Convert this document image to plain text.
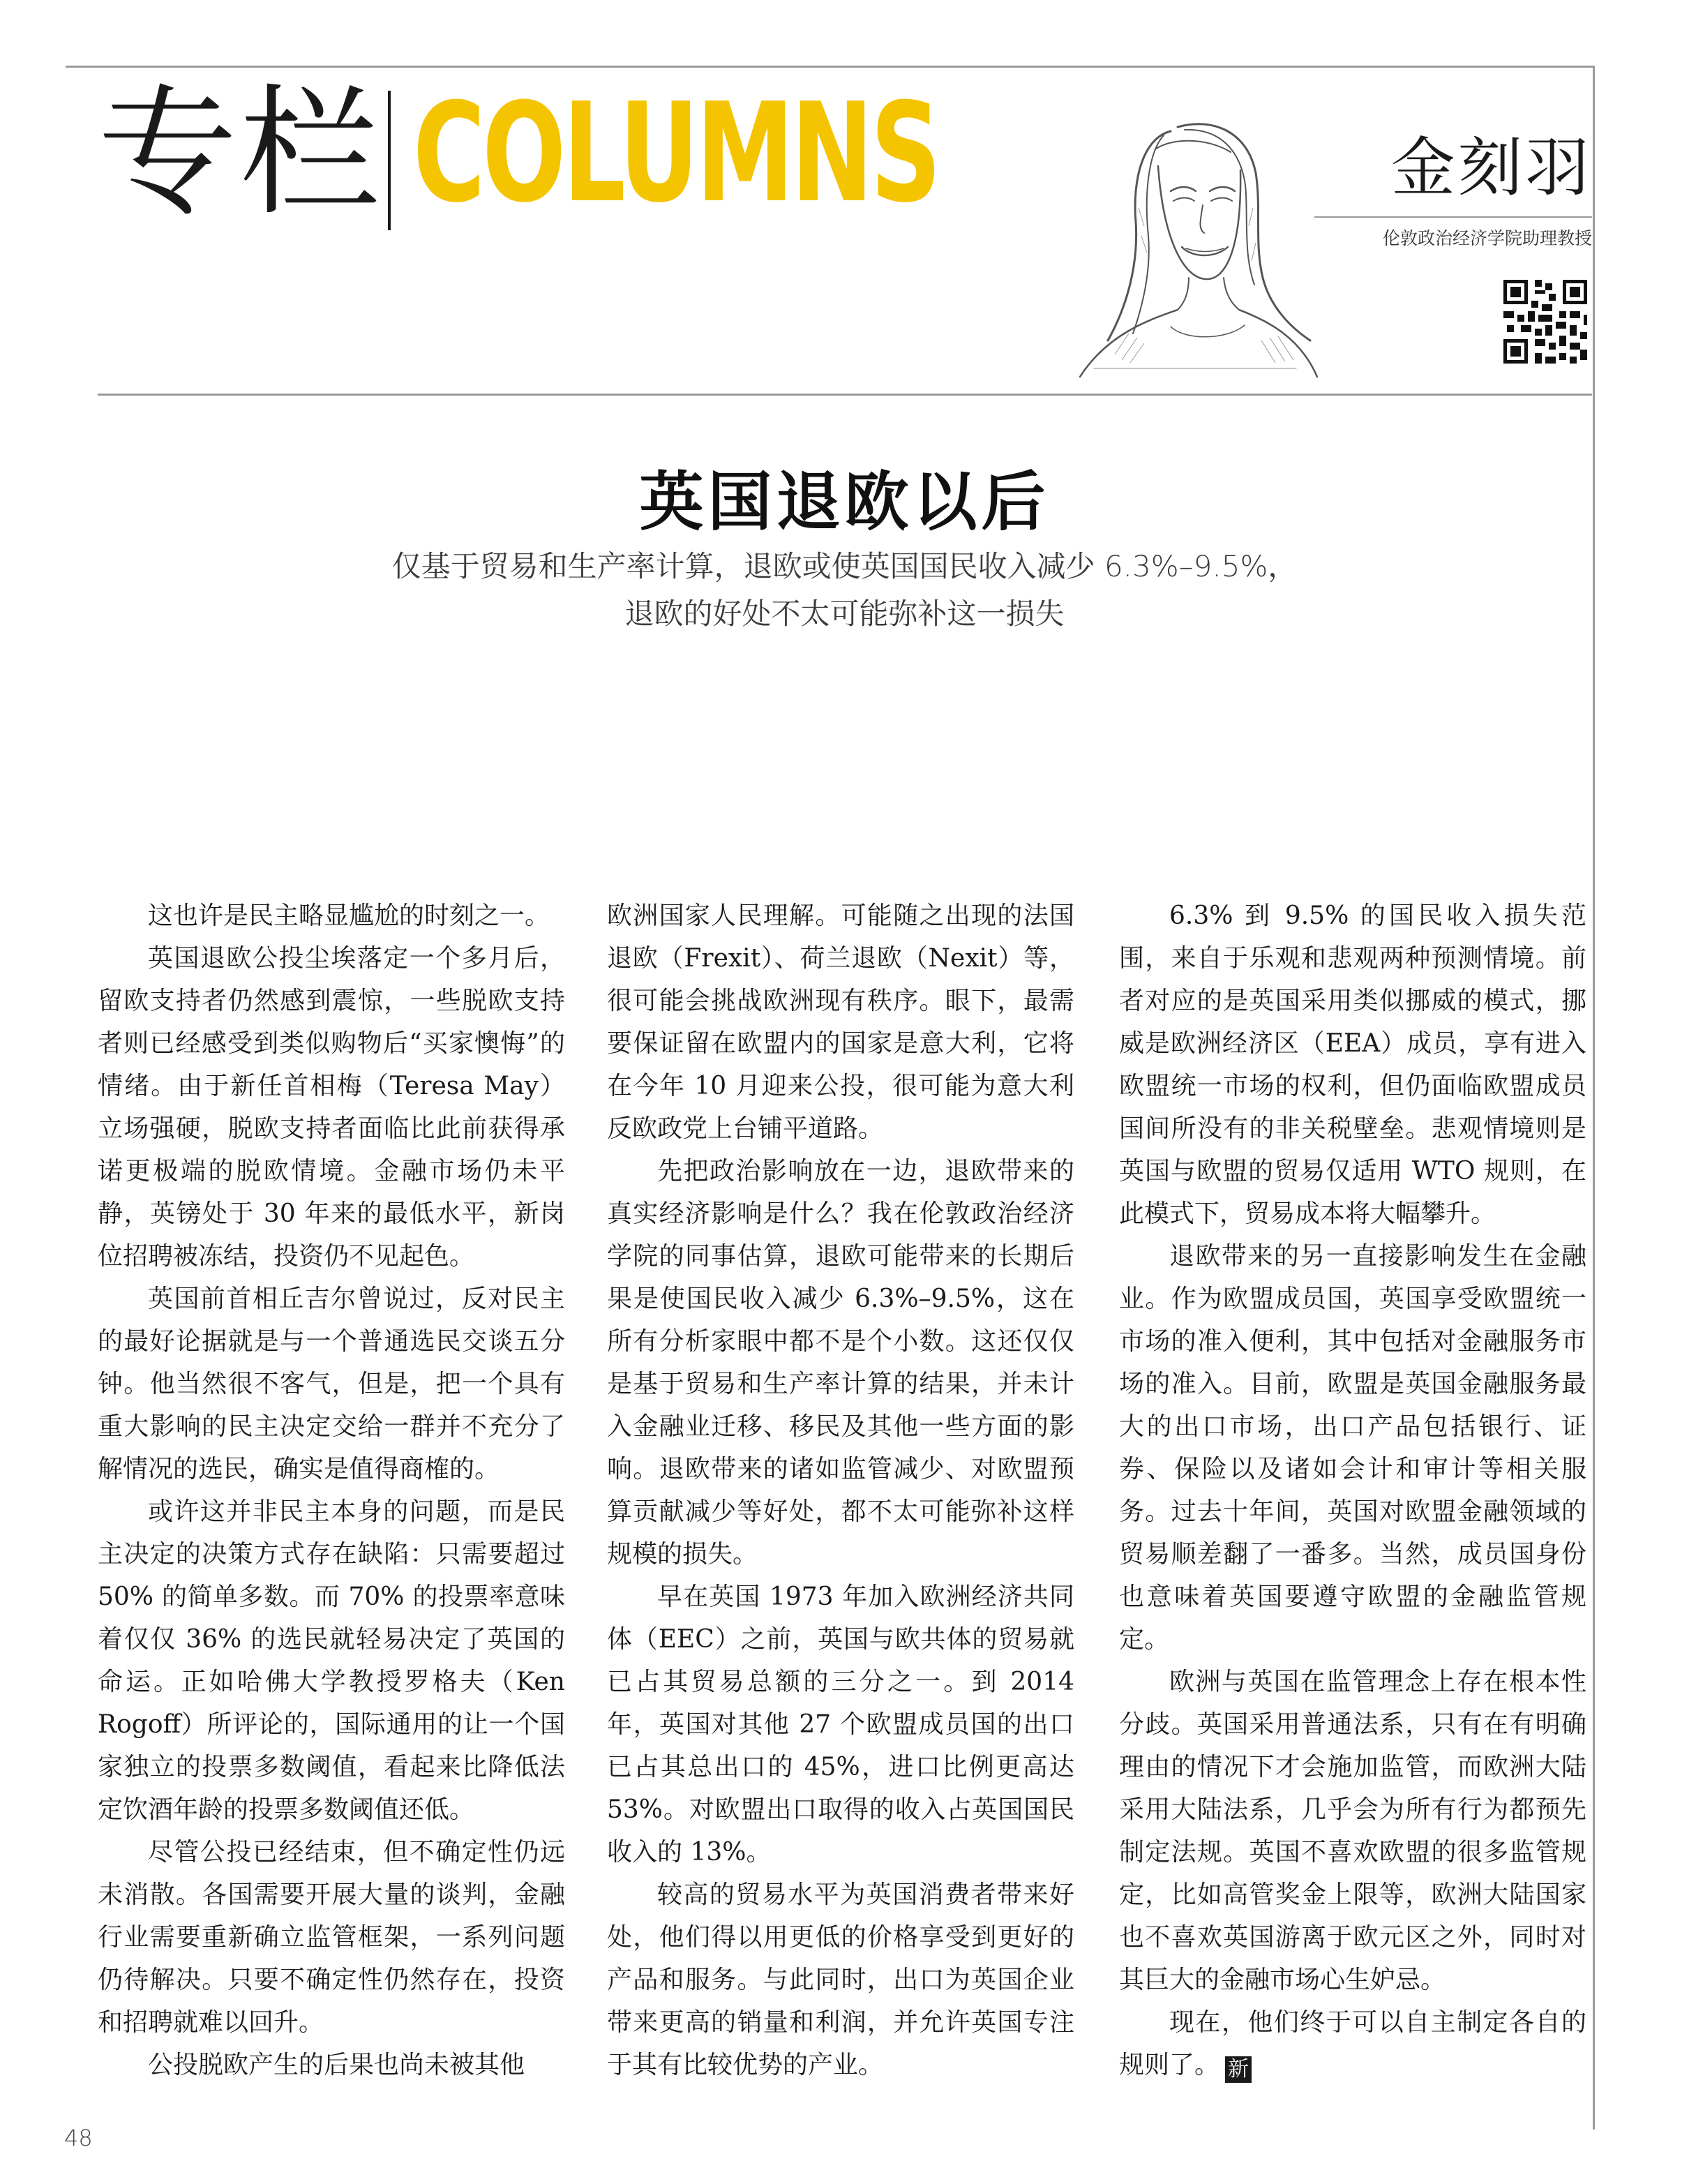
专栏 COLUMNS	金刻羽
伦敦政治经济学院助理教授
英国退欧以后
仅基于贸易和生产率计算，退欧或使英国国民收入减少 6.3%–9.5%，
退欧的好处不太可能弥补这一损失

这也许是民主略显尴尬的时刻之一。

英国退欧公投尘埃落定一个多月后，留欧支持者仍然感到震惊，一些脱欧支持者则已经感受到类似购物后“买家懊悔”的情绪。由于新任首相梅（Teresa May）立场强硬，脱欧支持者面临比此前获得承诺更极端的脱欧情境。金融市场仍未平静，英镑处于 30 年来的最低水平，新岗位招聘被冻结，投资仍不见起色。

英国前首相丘吉尔曾说过，反对民主的最好论据就是与一个普通选民交谈五分钟。他当然很不客气，但是，把一个具有重大影响的民主决定交给一群并不充分了解情况的选民，确实是值得商榷的。

或许这并非民主本身的问题，而是民主决定的决策方式存在缺陷：只需要超过 50% 的简单多数。而 70% 的投票率意味着仅仅 36% 的选民就轻易决定了英国的命运。正如哈佛大学教授罗格夫（Ken Rogoff）所评论的，国际通用的让一个国家独立的投票多数阈值，看起来比降低法定饮酒年龄的投票多数阈值还低。

尽管公投已经结束，但不确定性仍远未消散。各国需要开展大量的谈判，金融行业需要重新确立监管框架，一系列问题仍待解决。只要不确定性仍然存在，投资和招聘就难以回升。

公投脱欧产生的后果也尚未被其他

欧洲国家人民理解。可能随之出现的法国退欧（Frexit）、荷兰退欧（Nexit）等，很可能会挑战欧洲现有秩序。眼下，最需要保证留在欧盟内的国家是意大利，它将在今年 10 月迎来公投，很可能为意大利反欧政党上台铺平道路。

先把政治影响放在一边，退欧带来的真实经济影响是什么？我在伦敦政治经济学院的同事估算，退欧可能带来的长期后果是使国民收入减少 6.3%–9.5%，这在所有分析家眼中都不是个小数。这还仅仅是基于贸易和生产率计算的结果，并未计入金融业迁移、移民及其他一些方面的影响。退欧带来的诸如监管减少、对欧盟预算贡献减少等好处，都不太可能弥补这样规模的损失。

早在英国 1973 年加入欧洲经济共同体（EEC）之前，英国与欧共体的贸易就已占其贸易总额的三分之一。到 2014 年，英国对其他 27 个欧盟成员国的出口已占其总出口的 45%，进口比例更高达 53%。对欧盟出口取得的收入占英国国民收入的 13%。

较高的贸易水平为英国消费者带来好处，他们得以用更低的价格享受到更好的产品和服务。与此同时，出口为英国企业带来更高的销量和利润，并允许英国专注于其有比较优势的产业。

6.3% 到 9.5% 的国民收入损失范围，来自于乐观和悲观两种预测情境。前者对应的是英国采用类似挪威的模式，挪威是欧洲经济区（EEA）成员，享有进入欧盟统一市场的权利，但仍面临欧盟成员国间所没有的非关税壁垒。悲观情境则是英国与欧盟的贸易仅适用 WTO 规则，在此模式下，贸易成本将大幅攀升。

退欧带来的另一直接影响发生在金融业。作为欧盟成员国，英国享受欧盟统一市场的准入便利，其中包括对金融服务市场的准入。目前，欧盟是英国金融服务最大的出口市场，出口产品包括银行、证券、保险以及诸如会计和审计等相关服务。过去十年间，英国对欧盟金融领域的贸易顺差翻了一番多。当然，成员国身份也意味着英国要遵守欧盟的金融监管规定。

欧洲与英国在监管理念上存在根本性分歧。英国采用普通法系，只有在有明确理由的情况下才会施加监管，而欧洲大陆采用大陆法系，几乎会为所有行为都预先制定法规。英国不喜欢欧盟的很多监管规定，比如高管奖金上限等，欧洲大陆国家也不喜欢英国游离于欧元区之外，同时对其巨大的金融市场心生妒忌。

现在，他们终于可以自主制定各自的规则了。 新

48
